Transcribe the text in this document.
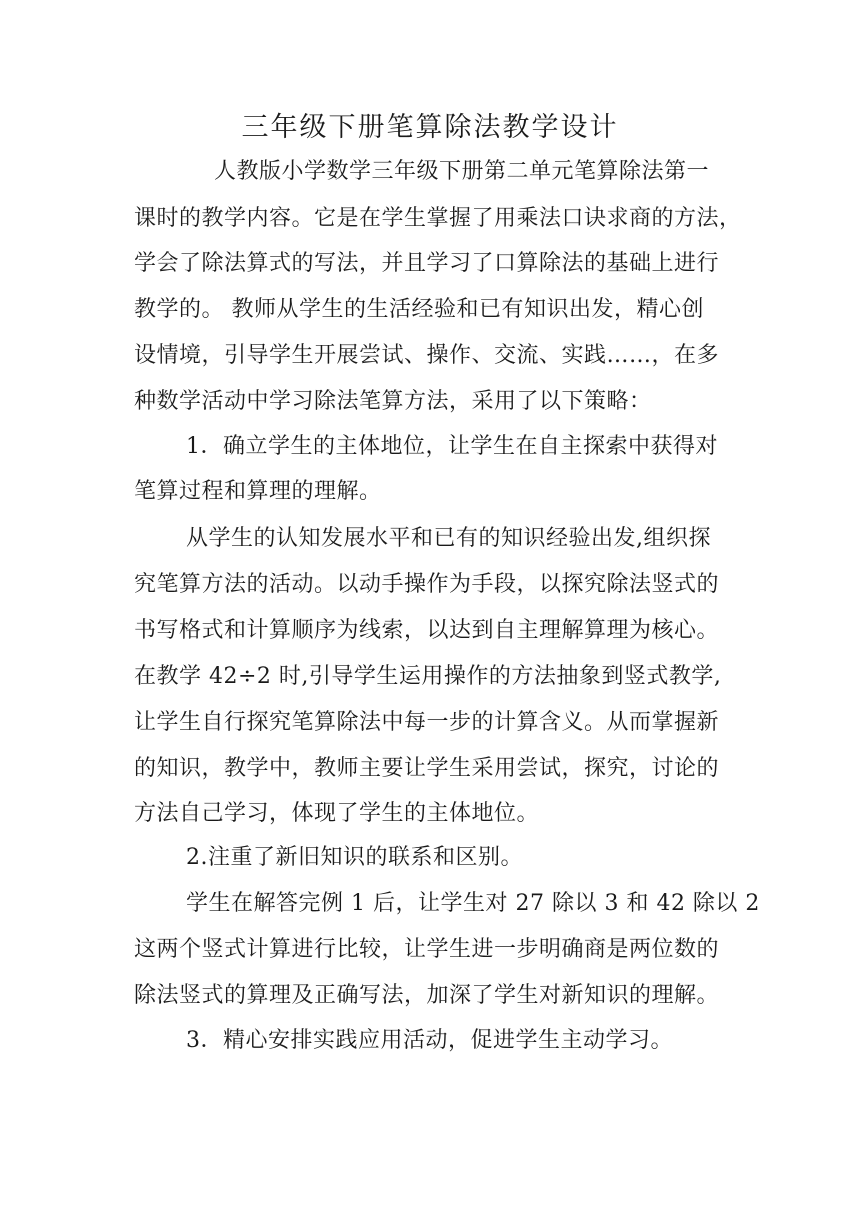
三年级下册笔算除法教学设计
人教版小学数学三年级下册第二单元笔算除法第一
课时的教学内容。它是在学生掌握了用乘法口诀求商的方法，
学会了除法算式的写法，并且学习了口算除法的基础上进行
教学的。 教师从学生的生活经验和已有知识出发，精心创
设情境，引导学生开展尝试、操作、交流、实践……，在多
种数学活动中学习除法笔算方法，采用了以下策略：
1．确立学生的主体地位，让学生在自主探索中获得对
笔算过程和算理的理解。
从学生的认知发展水平和已有的知识经验出发,组织探
究笔算方法的活动。以动手操作为手段，以探究除法竖式的
书写格式和计算顺序为线索，以达到自主理解算理为核心。
在教学 42÷2 时,引导学生运用操作的方法抽象到竖式教学,
让学生自行探究笔算除法中每一步的计算含义。从而掌握新
的知识，教学中，教师主要让学生采用尝试，探究，讨论的
方法自己学习，体现了学生的主体地位。
2.注重了新旧知识的联系和区别。
学生在解答完例 1 后，让学生对 27 除以 3 和 42 除以 2
这两个竖式计算进行比较，让学生进一步明确商是两位数的
除法竖式的算理及正确写法，加深了学生对新知识的理解。
3．精心安排实践应用活动，促进学生主动学习。
